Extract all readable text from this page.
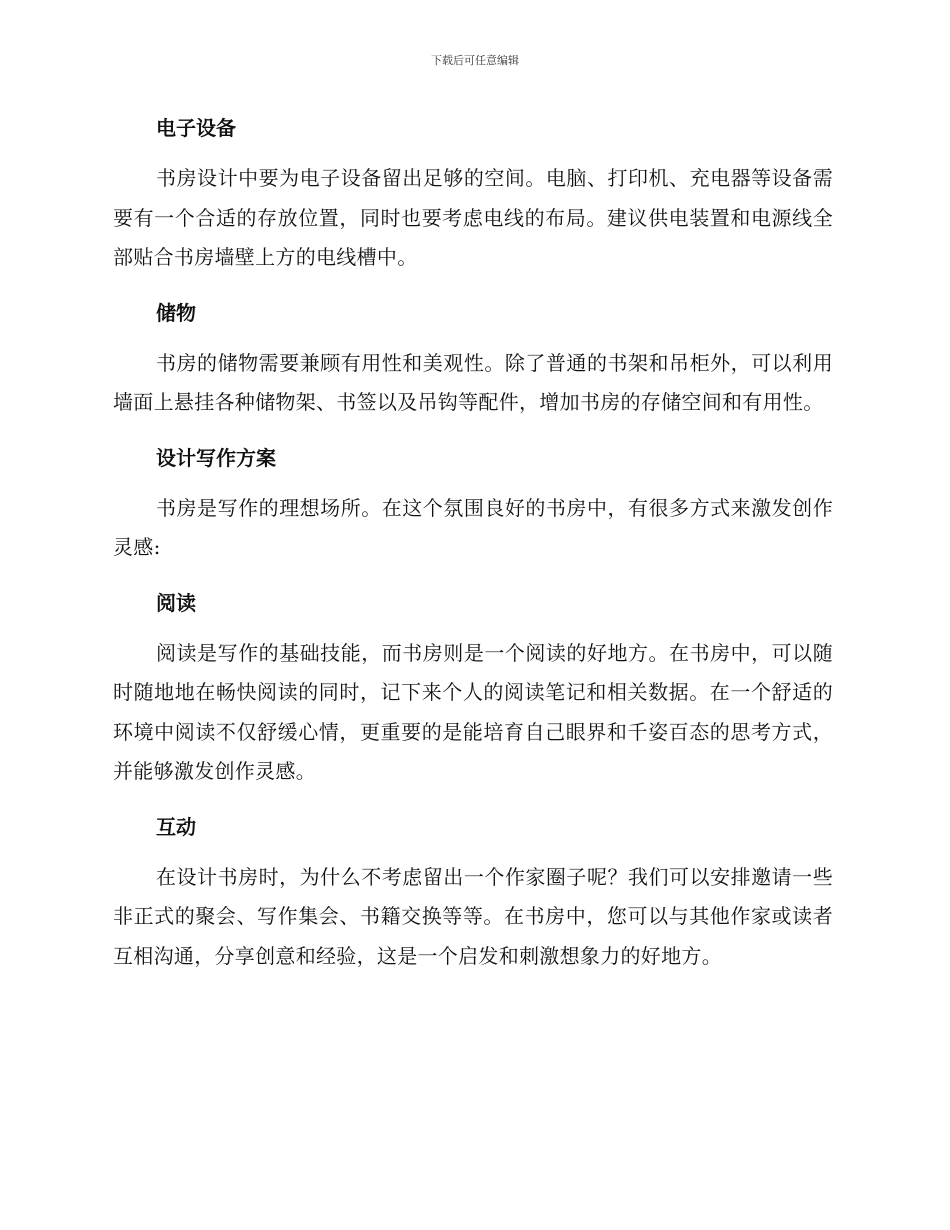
下载后可任意编辑
电子设备

书房设计中要为电子设备留出足够的空间。电脑、打印机、充电器等设备需要有一个合适的存放位置，同时也要考虑电线的布局。建议供电装置和电源线全部贴合书房墙壁上方的电线槽中。

储物

书房的储物需要兼顾有用性和美观性。除了普通的书架和吊柜外，可以利用墙面上悬挂各种储物架、书签以及吊钩等配件，增加书房的存储空间和有用性。

设计写作方案

书房是写作的理想场所。在这个氛围良好的书房中，有很多方式来激发创作灵感:

阅读

阅读是写作的基础技能，而书房则是一个阅读的好地方。在书房中，可以随时随地地在畅快阅读的同时，记下来个人的阅读笔记和相关数据。在一个舒适的环境中阅读不仅舒缓心情，更重要的是能培育自己眼界和千姿百态的思考方式，并能够激发创作灵感。

互动

在设计书房时，为什么不考虑留出一个作家圈子呢？我们可以安排邀请一些非正式的聚会、写作集会、书籍交换等等。在书房中，您可以与其他作家或读者互相沟通，分享创意和经验，这是一个启发和刺激想象力的好地方。
